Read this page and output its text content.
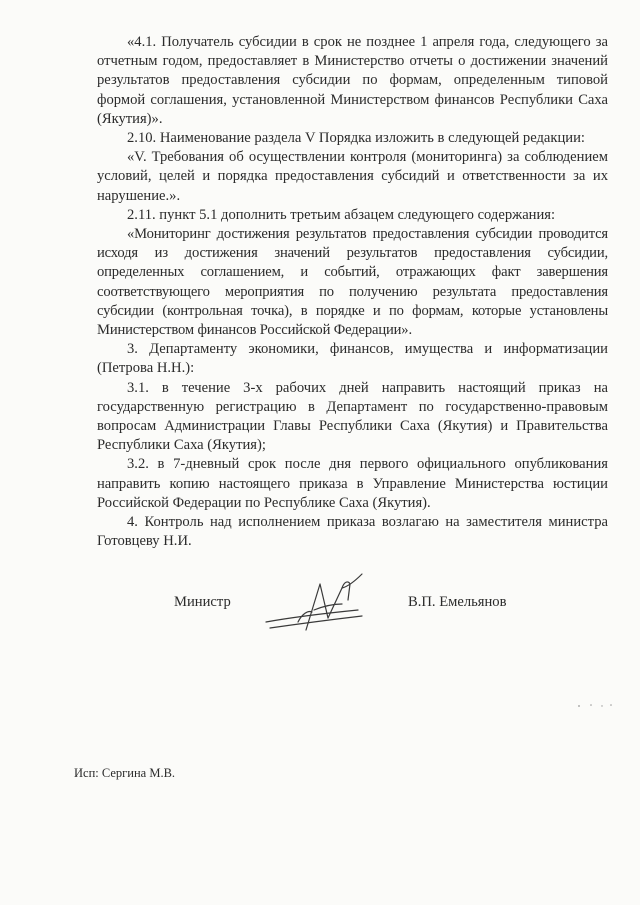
«4.1. Получатель субсидии в срок не позднее 1 апреля года, следующего за отчетным годом, предоставляет в Министерство отчеты о достижении значений результатов предоставления субсидии по формам, определенным типовой формой соглашения, установленной Министерством финансов Республики Саха (Якутия)».

2.10. Наименование раздела V Порядка изложить в следующей редакции:

«V. Требования об осуществлении контроля (мониторинга) за соблюдением условий, целей и порядка предоставления субсидий и ответственности за их нарушение.».

2.11. пункт 5.1 дополнить третьим абзацем следующего содержания:

«Мониторинг достижения результатов предоставления субсидии проводится исходя из достижения значений результатов предоставления субсидии, определенных соглашением, и событий, отражающих факт завершения соответствующего мероприятия по получению результата предоставления субсидии (контрольная точка), в порядке и по формам, которые установлены Министерством финансов Российской Федерации».

3. Департаменту экономики, финансов, имущества и информатизации (Петрова Н.Н.):

3.1. в течение 3-х рабочих дней направить настоящий приказ на государственную регистрацию в Департамент по государственно-правовым вопросам Администрации Главы Республики Саха (Якутия) и Правительства Республики Саха (Якутия);

3.2. в 7-дневный срок после дня первого официального опубликования направить копию настоящего приказа в Управление Министерства юстиции Российской Федерации по Республике Саха (Якутия).

4. Контроль над исполнением приказа возлагаю на заместителя министра Готовцеву Н.И.

Министр	В.П. Емельянов
Исп: Сергина М.В.
